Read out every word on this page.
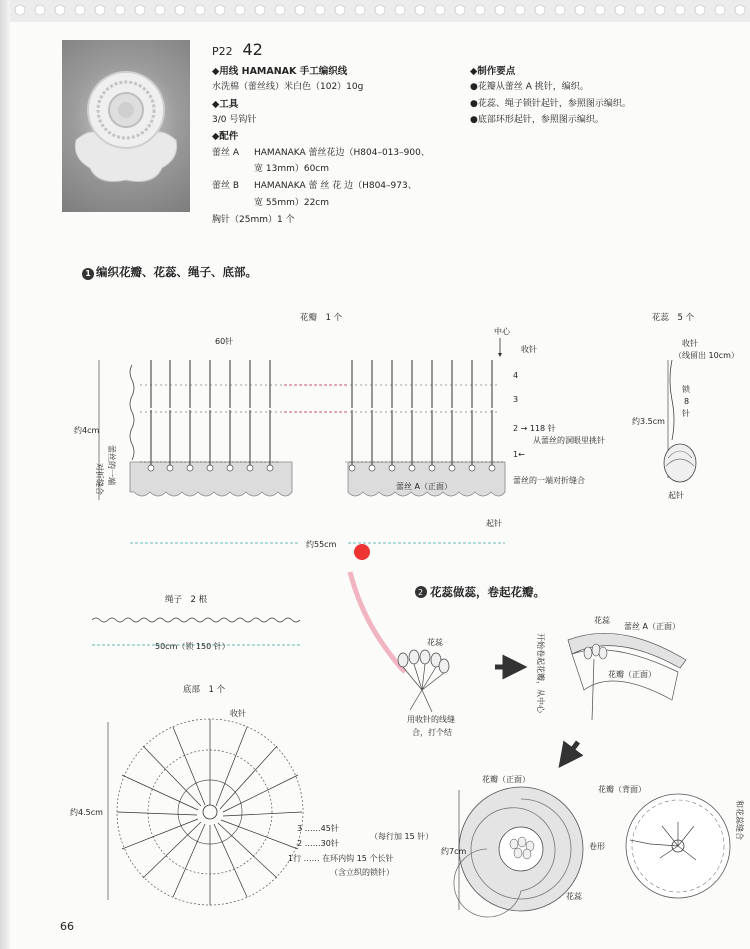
P22 42
◆用线 HAMANAK 手工编织线
水洗棉（蕾丝线）米白色（102）10g
◆工具
3/0 号钩针
◆配件
蕾丝 A HAMANAKA 蕾丝花边（H804–013–900、
宽 13mm）60cm
蕾丝 B HAMANAKA 蕾 丝 花 边（H804–973、
宽 55mm）22cm
胸针（25mm）1 个
◆制作要点
●花瓣从蕾丝 A 挑针，编织。
●花蕊、绳子锁针起针，参照图示编织。
●底部环形起针，参照图示编织。
1 编织花瓣、花蕊、绳子、底部。
花瓣　1 个
60针
中心
收针
4
3
2 → 118 针
从蕾丝的洞眼里挑针
1←
约4cm
对折缝合 蕾丝的一端
蕾丝 A（正面）
蕾丝的一端对折缝合
起针
约55cm
花蕊　5 个
收针
（线留出 10cm）
锁
8
针
约3.5cm
起针
绳子　2 根
50cm（锁 150 针）
底部　1 个
收针
约4.5cm
3 ……45针
2 ……30针
（每行加 15 针）
1行 …… 在环内钩 15 个长针
（含立织的锁针）
2 花蕊做蕊，卷起花瓣。
花蕊
用收针的线缝
合，打个结
开始卷起花瓣，从中心
花蕊
蕾丝 A（正面）
花瓣（正面）
花瓣（正面）
约7cm
卷形
花蕊
花瓣（背面）
和花蕊缝合
66
